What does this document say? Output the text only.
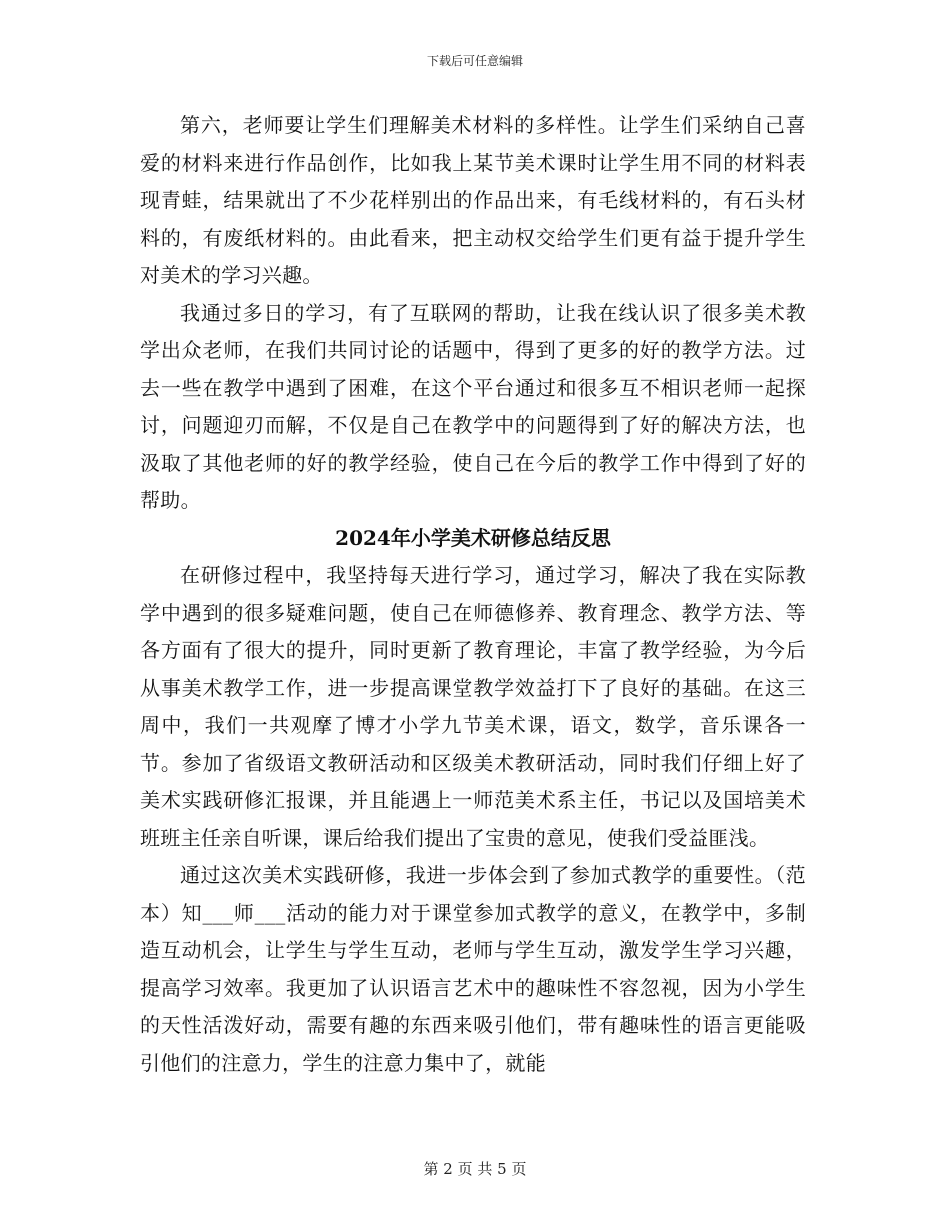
下载后可任意编辑

第六，老师要让学生们理解美术材料的多样性。让学生们采纳自己喜爱的材料来进行作品创作，比如我上某节美术课时让学生用不同的材料表现青蛙，结果就出了不少花样别出的作品出来，有毛线材料的，有石头材料的，有废纸材料的。由此看来，把主动权交给学生们更有益于提升学生对美术的学习兴趣。

我通过多日的学习，有了互联网的帮助，让我在线认识了很多美术教学出众老师，在我们共同讨论的话题中，得到了更多的好的教学方法。过去一些在教学中遇到了困难，在这个平台通过和很多互不相识老师一起探讨，问题迎刃而解，不仅是自己在教学中的问题得到了好的解决方法，也汲取了其他老师的好的教学经验，使自己在今后的教学工作中得到了好的帮助。

2024年小学美术研修总结反思

在研修过程中，我坚持每天进行学习，通过学习，解决了我在实际教学中遇到的很多疑难问题，使自己在师德修养、教育理念、教学方法、等各方面有了很大的提升，同时更新了教育理论，丰富了教学经验，为今后从事美术教学工作，进一步提高课堂教学效益打下了良好的基础。在这三周中，我们一共观摩了博才小学九节美术课，语文，数学，音乐课各一节。参加了省级语文教研活动和区级美术教研活动，同时我们仔细上好了美术实践研修汇报课，并且能遇上一师范美术系主任，书记以及国培美术班班主任亲自听课，课后给我们提出了宝贵的意见，使我们受益匪浅。

通过这次美术实践研修，我进一步体会到了参加式教学的重要性。（范本）知___师___活动的能力对于课堂参加式教学的意义，在教学中，多制造互动机会，让学生与学生互动，老师与学生互动，激发学生学习兴趣，提高学习效率。我更加了认识语言艺术中的趣味性不容忽视，因为小学生的天性活泼好动，需要有趣的东西来吸引他们，带有趣味性的语言更能吸引他们的注意力，学生的注意力集中了，就能

第 2 页 共 5 页
